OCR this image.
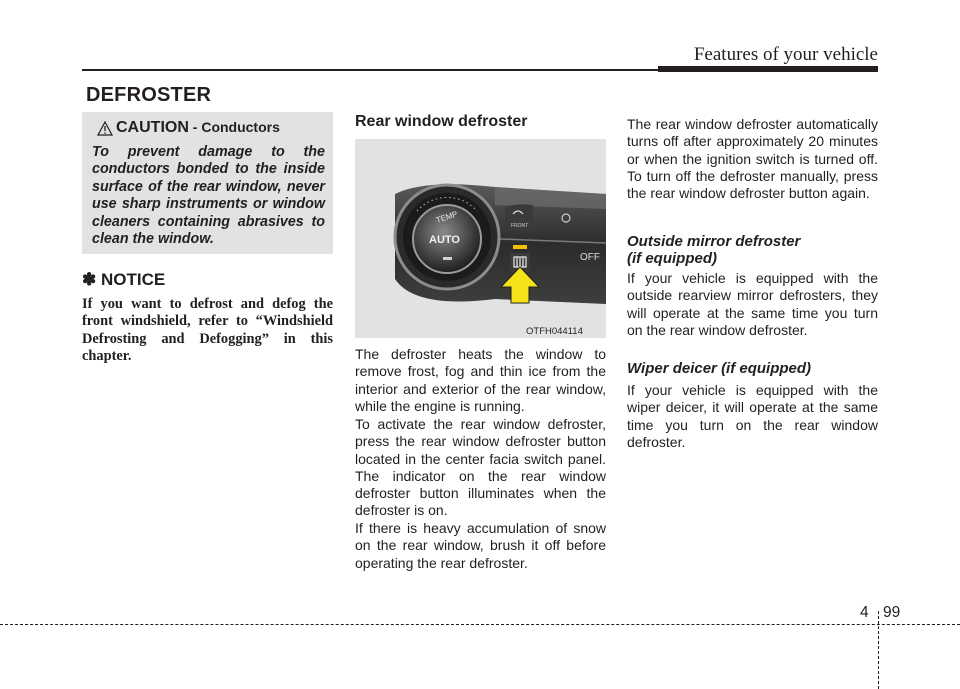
Features of your vehicle
DEFROSTER
CAUTION - Conductors
To prevent damage to the conductors bonded to the inside surface of the rear window, never use sharp instruments or window cleaners containing abrasives to clean the window.
✽ NOTICE
If you want to defrost and defog the front windshield, refer to “Windshield Defrosting and Defogging” in this chapter.
Rear window defroster
TEMP
AUTO
FRONT
OFF
OTFH044114
The defroster heats the window to remove frost, fog and thin ice from the interior and exterior of the rear window, while the engine is running.
To activate the rear window defroster, press the rear window defroster button located in the center facia switch panel. The indicator on the rear window defroster button illuminates when the defroster is on.
If there is heavy accumulation of snow on the rear window, brush it off before operating the rear defroster.
The rear window defroster automatically turns off after approximately 20 minutes or when the ignition switch is turned off. To turn off the defroster manually, press the rear window defroster button again.
Outside mirror defroster
(if equipped)
If your vehicle is equipped with the outside rearview mirror defrosters, they will operate at the same time you turn on the rear window defroster.
Wiper deicer (if equipped)
If your vehicle is equipped with the wiper deicer, it will operate at the same time you turn on the rear window defroster.
4 99
